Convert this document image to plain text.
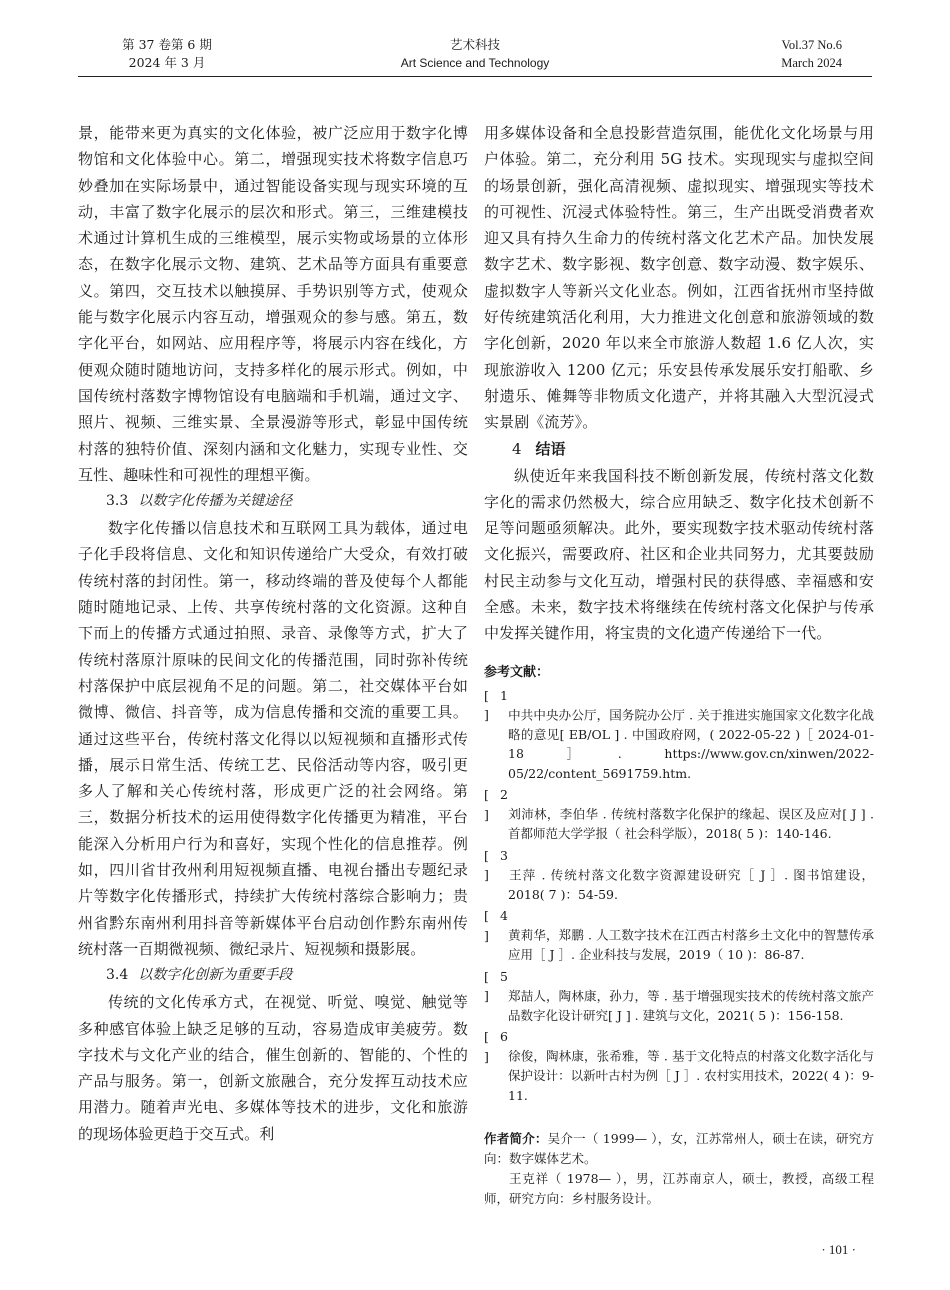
第 37 卷第 6 期
2024 年 3 月
艺术科技
Art Science and Technology
Vol.37 No.6
March 2024

景，能带来更为真实的文化体验，被广泛应用于数字化博物馆和文化体验中心。第二，增强现实技术将数字信息巧妙叠加在实际场景中，通过智能设备实现与现实环境的互动，丰富了数字化展示的层次和形式。第三，三维建模技术通过计算机生成的三维模型，展示实物或场景的立体形态，在数字化展示文物、建筑、艺术品等方面具有重要意义。第四，交互技术以触摸屏、手势识别等方式，使观众能与数字化展示内容互动，增强观众的参与感。第五，数字化平台，如网站、应用程序等，将展示内容在线化，方便观众随时随地访问，支持多样化的展示形式。例如，中国传统村落数字博物馆设有电脑端和手机端，通过文字、照片、视频、三维实景、全景漫游等形式，彰显中国传统村落的独特价值、深刻内涵和文化魅力，实现专业性、交互性、趣味性和可视性的理想平衡。

3.3 以数字化传播为关键途径

数字化传播以信息技术和互联网工具为载体，通过电子化手段将信息、文化和知识传递给广大受众，有效打破传统村落的封闭性。第一，移动终端的普及使每个人都能随时随地记录、上传、共享传统村落的文化资源。这种自下而上的传播方式通过拍照、录音、录像等方式，扩大了传统村落原汁原味的民间文化的传播范围，同时弥补传统村落保护中底层视角不足的问题。第二，社交媒体平台如微博、微信、抖音等，成为信息传播和交流的重要工具。通过这些平台，传统村落文化得以以短视频和直播形式传播，展示日常生活、传统工艺、民俗活动等内容，吸引更多人了解和关心传统村落，形成更广泛的社会网络。第三，数据分析技术的运用使得数字化传播更为精准，平台能深入分析用户行为和喜好，实现个性化的信息推荐。例如，四川省甘孜州利用短视频直播、电视台播出专题纪录片等数字化传播形式，持续扩大传统村落综合影响力；贵州省黔东南州利用抖音等新媒体平台启动创作黔东南州传统村落一百期微视频、微纪录片、短视频和摄影展。

3.4 以数字化创新为重要手段

传统的文化传承方式，在视觉、听觉、嗅觉、触觉等多种感官体验上缺乏足够的互动，容易造成审美疲劳。数字技术与文化产业的结合，催生创新的、智能的、个性的产品与服务。第一，创新文旅融合，充分发挥互动技术应用潜力。随着声光电、多媒体等技术的进步，文化和旅游的现场体验更趋于交互式。利

用多媒体设备和全息投影营造氛围，能优化文化场景与用户体验。第二，充分利用 5G 技术。实现现实与虚拟空间的场景创新，强化高清视频、虚拟现实、增强现实等技术的可视性、沉浸式体验特性。第三，生产出既受消费者欢迎又具有持久生命力的传统村落文化艺术产品。加快发展数字艺术、数字影视、数字创意、数字动漫、数字娱乐、虚拟数字人等新兴文化业态。例如，江西省抚州市坚持做好传统建筑活化利用，大力推进文化创意和旅游领域的数字化创新，2020 年以来全市旅游人数超 1.6 亿人次，实现旅游收入 1200 亿元；乐安县传承发展乐安打船歌、乡射遗乐、傩舞等非物质文化遗产，并将其融入大型沉浸式实景剧《流芳》。

4 结语

纵使近年来我国科技不断创新发展，传统村落文化数字化的需求仍然极大，综合应用缺乏、数字化技术创新不足等问题亟须解决。此外，要实现数字技术驱动传统村落文化振兴，需要政府、社区和企业共同努力，尤其要鼓励村民主动参与文化互动，增强村民的获得感、幸福感和安全感。未来，数字技术将继续在传统村落文化保护与传承中发挥关键作用，将宝贵的文化遗产传递给下一代。

参考文献：

[ 1 ] 中共中央办公厅，国务院办公厅 . 关于推进实施国家文化数字化战略的意见[ EB/OL ] . 中国政府网，( 2022-05-22 )［ 2024-01-18 ］. https://www.gov.cn/xinwen/2022-05/22/content_5691759.htm.

[ 2 ] 刘沛林，李伯华 . 传统村落数字化保护的缘起、误区及应对[ J ] . 首都师范大学学报（ 社会科学版），2018( 5 )：140-146.

[ 3 ] 王萍 . 传统村落文化数字资源建设研究［ J ］. 图书馆建设，2018( 7 )：54-59.

[ 4 ] 黄莉华，郑鹏 . 人工数字技术在江西古村落乡土文化中的智慧传承应用［ J ］. 企业科技与发展，2019（ 10 )：86-87.

[ 5 ] 郑喆人，陶林康，孙力，等 . 基于增强现实技术的传统村落文旅产品数字化设计研究[ J ] . 建筑与文化，2021( 5 )：156-158.

[ 6 ] 徐俊，陶林康，张希雅，等 . 基于文化特点的村落文化数字活化与保护设计：以新叶古村为例［ J ］. 农村实用技术，2022( 4 )：9-11.

作者简介：吴介一（ 1999— ），女，江苏常州人，硕士在读，研究方向：数字媒体艺术。

王克祥（ 1978— ），男，江苏南京人，硕士，教授，高级工程师，研究方向：乡村服务设计。

· 101 ·
